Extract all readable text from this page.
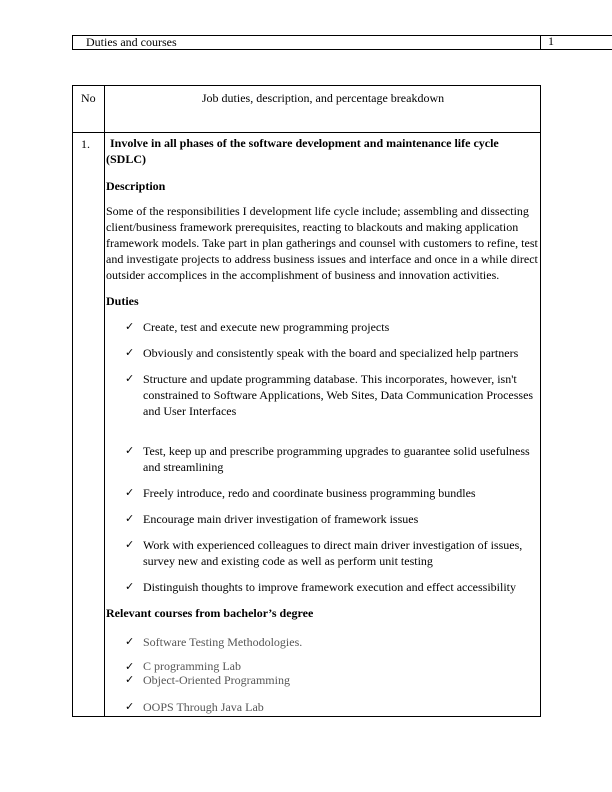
Duties and courses	1
No	Job duties, description, and percentage breakdown
1.	Involve in all phases of the software development and maintenance life cycle (SDLC)
Description

Some of the responsibilities I development life cycle include; assembling and dissecting client/business framework prerequisites, reacting to blackouts and making application framework models. Take part in plan gatherings and counsel with customers to refine, test and investigate projects to address business issues and interface and once in a while direct outsider accomplices in the accomplishment of business and innovation activities.

Duties
✓ Create, test and execute new programming projects
✓ Obviously and consistently speak with the board and specialized help partners
✓ Structure and update programming database. This incorporates, however, isn't constrained to Software Applications, Web Sites, Data Communication Processes and User Interfaces
✓ Test, keep up and prescribe programming upgrades to guarantee solid usefulness and streamlining
✓ Freely introduce, redo and coordinate business programming bundles
✓ Encourage main driver investigation of framework issues
✓ Work with experienced colleagues to direct main driver investigation of issues, survey new and existing code as well as perform unit testing
✓ Distinguish thoughts to improve framework execution and effect accessibility
Relevant courses from bachelor’s degree
✓ Software Testing Methodologies.
✓ C programming Lab
✓ Object-Oriented Programming
✓ OOPS Through Java Lab
